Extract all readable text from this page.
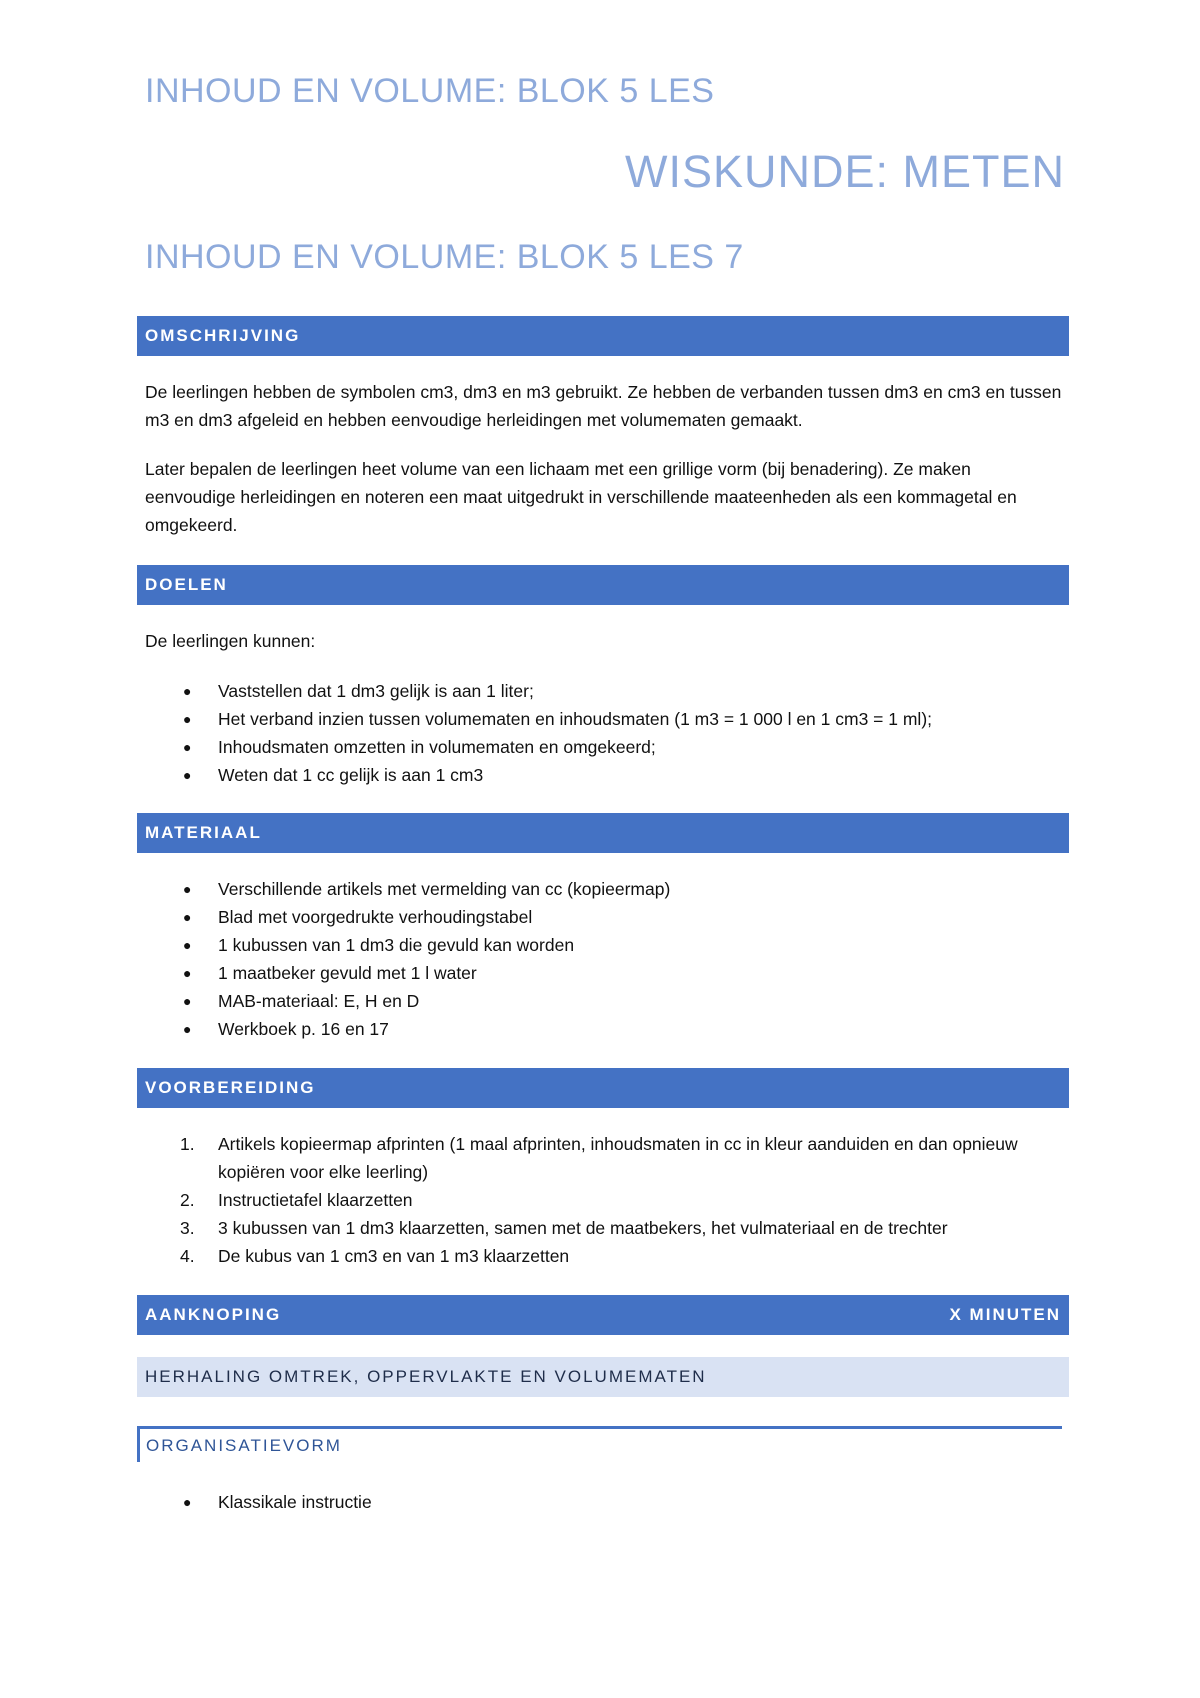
INHOUD EN VOLUME: BLOK 5 LES
WISKUNDE: METEN
INHOUD EN VOLUME: BLOK 5 LES 7
OMSCHRIJVING

De leerlingen hebben de symbolen cm3, dm3 en m3 gebruikt. Ze hebben de verbanden tussen dm3 en cm3 en tussen m3 en dm3 afgeleid en hebben eenvoudige herleidingen met volumematen gemaakt.

Later bepalen de leerlingen heet volume van een lichaam met een grillige vorm (bij benadering). Ze maken eenvoudige herleidingen en noteren een maat uitgedrukt in verschillende maateenheden als een kommagetal en omgekeerd.

DOELEN

De leerlingen kunnen:

● Vaststellen dat 1 dm3 gelijk is aan 1 liter;
● Het verband inzien tussen volumematen en inhoudsmaten (1 m3 = 1 000 l en 1 cm3 = 1 ml);
● Inhoudsmaten omzetten in volumematen en omgekeerd;
● Weten dat 1 cc gelijk is aan 1 cm3
MATERIAAL
● Verschillende artikels met vermelding van cc (kopieermap)
● Blad met voorgedrukte verhoudingstabel
● 1 kubussen van 1 dm3 die gevuld kan worden
● 1 maatbeker gevuld met 1 l water
● MAB-materiaal: E, H en D
● Werkboek p. 16 en 17
VOORBEREIDING
1. Artikels kopieermap afprinten (1 maal afprinten, inhoudsmaten in cc in kleur aanduiden en dan opnieuw kopiëren voor elke leerling)
2. Instructietafel klaarzetten
3. 3 kubussen van 1 dm3 klaarzetten, samen met de maatbekers, het vulmateriaal en de trechter
4. De kubus van 1 cm3 en van 1 m3 klaarzetten
AANKNOPING	X MINUTEN
HERHALING OMTREK, OPPERVLAKTE EN VOLUMEMATEN
ORGANISATIEVORM
● Klassikale instructie
